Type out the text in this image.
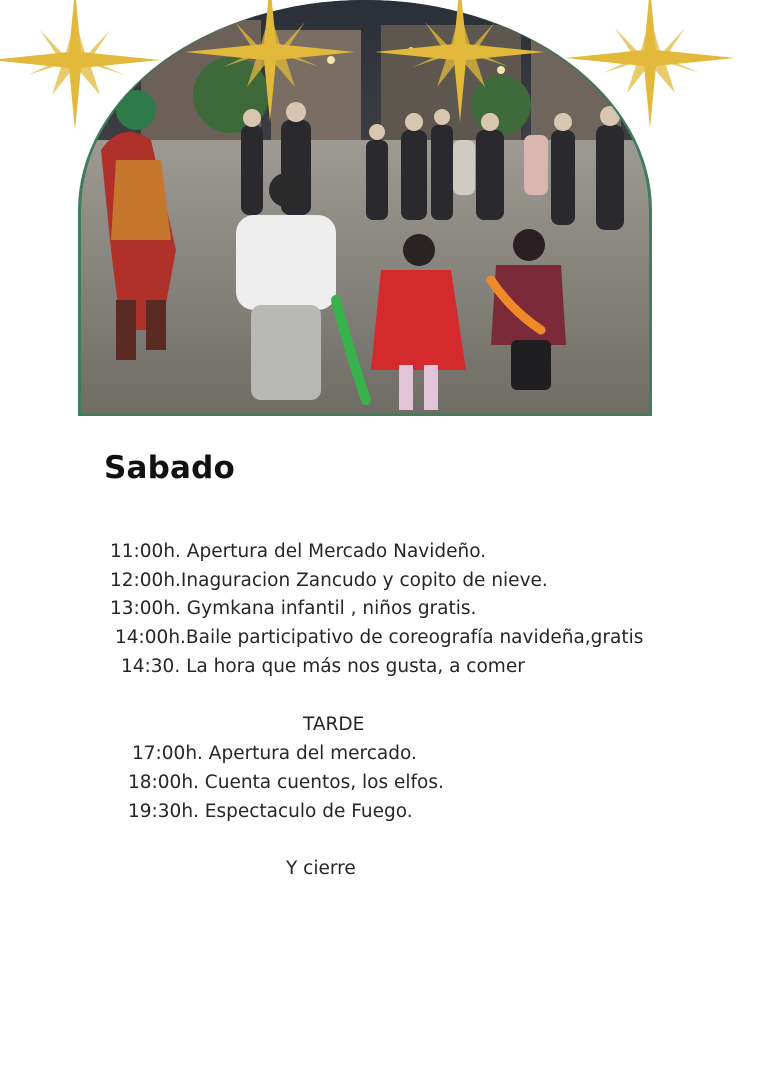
Sabado

11:00h. Apertura del Mercado Navideño.

12:00h.Inaguracion Zancudo y copito de nieve.

13:00h. Gymkana infantil , niños gratis.

14:00h.Baile participativo de coreografía navideña,gratis

14:30. La hora que más nos gusta, a comer

TARDE

17:00h. Apertura del mercado.

18:00h. Cuenta cuentos, los elfos.

19:30h. Espectaculo de Fuego.

Y cierre
